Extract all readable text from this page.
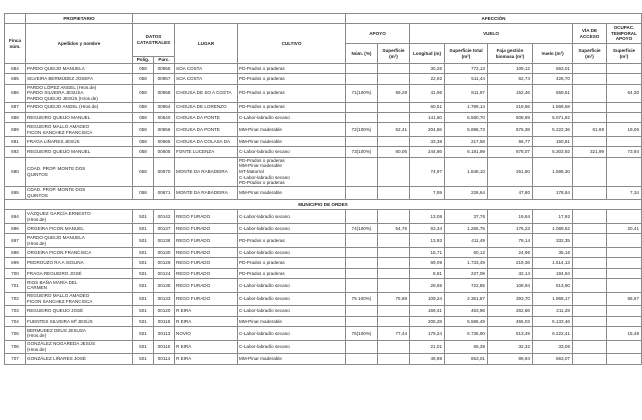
	PROPIETARIO					AFECCIÓN							
Finca núm.	Apellidos y nombre	DATOS CATASTRALES		LUGAR	CULTIVO	APOYO		VUELO				VÍA DE ACCESO	OCUPAC. TEMPORAL APOYO
						Núm. (%)	Superficie (m²)	Longitud (m)	Superficie total (m²)	Faja gestión biomasa (m²)	Vuelo (m²)	Superficie (m²)	Superficie (m²)
		Polig.	Parc.										
684	PARDO QUEIJO MANUELA	058	00955	SOA COSTA	PD-Prados o praderas			30,26	772,13	109,12	663,01		
685	SILVEIRA BERMÚDEZ JOSEFA	058	00957	SOA COSTA	PD-Prados o praderas			22,92	511,44	82,74	428,70		
686	PARDO LÓPEZ ANGEL (Hros.de)
PARDO SILVEIRA JESUSA
PARDO QUEIJO JESÚS (Hros.de)	058	00958	CHOUSA DE SO A COSTA	PD-Prados o praderas	71(100%)	59,29	41,96	811,97	152,46	659,51		64,30
687	PARDO QUEIJO ANGEL (Hros.de)	058	00954	CHOUSA DE LORENZO	PD-Prados o praderas			60,51	1.789,14	219,56	1.569,58		
688	REGUEIRO QUEIJO MANUEL	058	00640	CHOUSA DA PONTE	C-Labor-labradío secano			141,60	5.580,70	508,89	5.071,82		
689	REGUEIRO MALLO AMADEO
FICON SANCHEZ FRANCISCA	058	00656	CHOUSA DA PONTE	MM-Pinar maderable	72(100%)	62,41	204,56	5.898,73	676,38	5.222,36	61,69	19,06
691	FRAGA LIÑARES JESÚS	058	00665	CHOUSA DA COLASA DA	MM-Pinar maderable			33,38	217,58	56,77	160,81		
692	REGUEIRO QUEIJO MANUEL	058	00605	FONTE LUCENZA	C-Labor-labradío secano	73(100%)	60,06	244,86	6.181,99	878,07	5.303,92	321,99	73,94
690	CDAD. PROP. MONTE DOS
QUINTOS	058	00670	MONTE DA RABADEIRA	PD-Prados o praderas
MM-Pinar maderable
MT-Matorral
C-Labor-labradío secano
PD-Prados o praderas			74,97	1.848,10	251,80	1.596,30		
695	CDAD. PROP. MONTE DOS
QUINTOS	058	00671	MONTE DA RABADEIRA	MM-Pinar maderable			7,59	226,64	47,80	178,84		7,34
MUNICIPIO DE ORDES													
694	VÁZQUEZ GARCÍA ERNESTO
(Hros.de)	501	00142	REGO FURADO	C-Labor-labradío secano			13,08	37,76	19,84	17,92		
696	ORGEIRA FICON MANUEL	501	00137	REGO FURADO	C-Labor-labradío secano	74(100%)	54,76	63,34	1.265,75	176,23	1.089,52		20,41
697	PARDO QUEIJO MANUELA
(Hros.de)	501	00136	REGO FURADO	PD-Prados o praderas			13,93	411,49	79,14	332,35		
698	ORGEIRA FICON FRANCISCA	501	00130	REGO FURADO	C-Labor-labradío secano			15,71	60,12	24,96	35,16		
699	PEDROUZO RA A ISOLINA	501	00129	REGO FURADO	PD-Prados o praderas			69,09	1.733,49	219,36	1.514,13		
700	FRAGA REGUEIRO JOSÉ	501	00124	REGO FURADO	PD-Prados o praderas			8,81	227,09	32,14	194,94		
701	RIOS BAÑA MARÍA DEL
CARMEN	501	00135	REGO FURADO	C-Labor-labradío secano			29,65	722,85	108,94	613,90		
702	REGUEIRO MALLO AMADEO
FICON SANCHEZ FRANCISCA	501	00133	REGO FURADO	C-Labor-labradío secano	75 100%)	75,69	109,24	2.361,87	393,70	1.968,17		66,67
703	REGUEIRO QUEIJO JOSÉ	501	00120	R EIRA	C-Labor-labradío secano			169,41	463,96	262,66	211,28		
704	FUENTES SILVEIRA Mª JESÚS	501	00118	R EIRA	MM-Pinar maderable			205,28	5.586,49	455,03	5.133,46		
705	BERMUDEZ DEUS JESUSA
(Hros.de)	501	00113	NOVIO	C-Labor-labradío secano	76(100%)	77,44	179,24	6.735,90	513,49	6.222,41		15,48
706	GONZÁLEZ NOGAREDA JESÚS
(Hros.de)	501	00115	R EIRA	C-Labor-labradío secano			21,01	65,38	32,32	33,06		
707	GONZÁLEZ LIÑARES JOSÉ	501	00114	R EIRA	MM-Pinar maderable			49,98	653,01	89,94	563,07		
